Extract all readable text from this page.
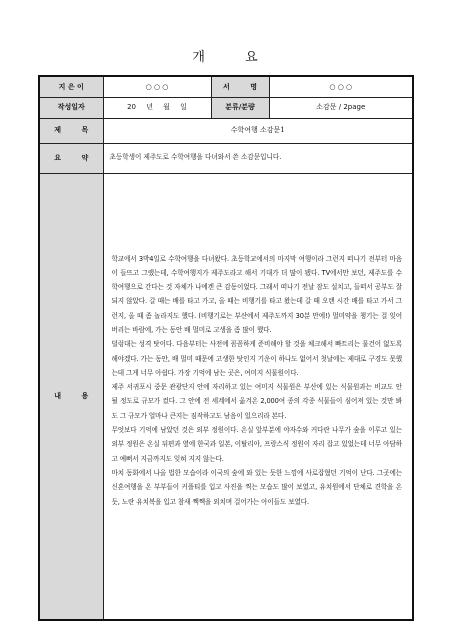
개 요
지 은 이	○ ○ ○	서 명	○ ○ ○
작성일자	20 년 월 일	분류/분량	소감문 / 2page
제 목	수학여행 소감문1		
요 약	초등학생이 제주도로 수학여행을 다녀와서 쓴 소감문입니다.		
내 용	학교에서 3박4일로 수학여행을 다녀왔다. 초등학교에서의 마지막 여행이라 그런지 떠나기 전부터 마음이 들뜨고 그랬는데, 수학여행지가 제주도라고 해서 기대가 더 많이 됐다. TV에서만 보던, 제주도를 수학여행으로 간다는 것 자체가 나에겐 큰 감동이었다. 그래서 떠나기 전날 잠도 설치고, 들떠서 공부도 잘 되지 않았다. 갈 때는 배를 타고 가고, 올 때는 비행기를 타고 왔는데 갈 때 오랜 시간 배를 타고 가서 그런지, 올 때 좀 놀라지도 했다. (비행기로는 부산에서 제주도까지 30분 만에!) 멀미약을 챙기는 걸 잊어버리는 바람에, 가는 동안 배 멀미로 고생을 좀 많이 했다.

덜렁대는 성격 탓이다. 다음부터는 사전에 꼼꼼하게 준비해야 할 것을 체크해서 빠트리는 물건이 없도록 해야겠다. 가는 동안, 배 멀미 때문에 고생한 탓인지 기운이 하나도 없어서 첫날에는 제대로 구경도 못했는데 그게 너무 아쉽다. 가장 기억에 남는 곳은, 여미지 식물원이다.

제주 서귀포시 중문 관광단지 안에 자리하고 있는 여미지 식물원은 부산에 있는 식물원과는 비교도 안 될 정도로 규모가 컸다. 그 안에 전 세계에서 옮겨온 2,000여 종의 각종 식물들이 심어져 있는 것만 봐도 그 규모가 얼마나 큰지는 짐작하고도 남음이 있으리라 본다.

무엇보다 기억에 남았던 것은 외부 정원이다. 온실 앞부분에 야자수와 커다란 나무가 숲을 이루고 있는 외부 정원은 온실 뒤편과 옆에 한국과 일본, 이탈리아, 프랑스식 정원이 자리 잡고 있었는데 너무 아담하고 예뻐서 지금까지도 잊혀 지지 않는다.

마치 동화에서 나올 법한 모습이라 이국의 숲에 와 있는 듯한 느낌에 사로잡혔던 기억이 난다. 그곳에는 신혼여행을 온 부부들이 커플티를 입고 사진을 찍는 모습도 많이 보였고, 유치원에서 단체로 견학을 온 듯, 노란 유치복을 입고 참새 짹짹을 외치며 걸어가는 아이들도 보였다.		
